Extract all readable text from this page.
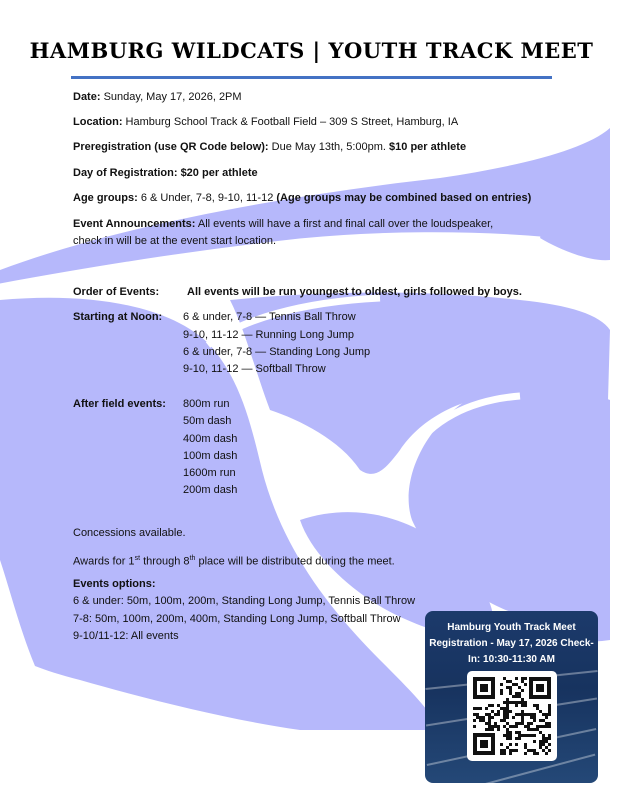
HAMBURG WILDCATS | YOUTH TRACK MEET
Date: Sunday, May 17, 2026, 2PM
Location: Hamburg School Track & Football Field – 309 S Street, Hamburg, IA
Preregistration (use QR Code below): Due May 13th, 5:00pm. $10 per athlete
Day of Registration: $20 per athlete
Age groups: 6 & Under, 7-8, 9-10, 11-12 (Age groups may be combined based on entries)
Event Announcements: All events will have a first and final call over the loudspeaker,
check in will be at the event start location.
Order of Events:	All events will be run youngest to oldest, girls followed by boys.
Starting at Noon: 6 & under, 7-8 — Tennis Ball Throw
9-10, 11-12 — Running Long Jump
6 & under, 7-8 — Standing Long Jump
9-10, 11-12 — Softball Throw
After field events: 800m run
50m dash
400m dash
100m dash
1600m run
200m dash
Concessions available.
Awards for 1st through 8th place will be distributed during the meet.
Events options:
6 & under: 50m, 100m, 200m, Standing Long Jump, Tennis Ball Throw
7-8: 50m, 100m, 200m, 400m, Standing Long Jump, Softball Throw
9-10/11-12: All events
Hamburg Youth Track Meet Registration - May 17, 2026 Check-In: 10:30-11:30 AM
